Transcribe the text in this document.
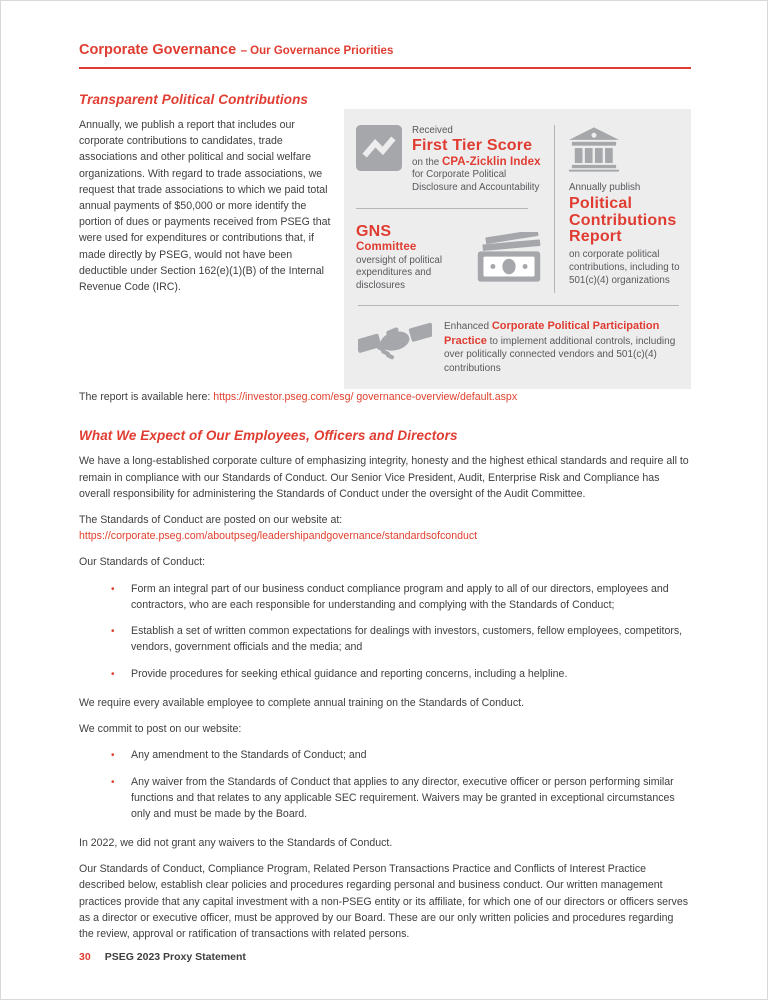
Corporate Governance – Our Governance Priorities
Transparent Political Contributions

Annually, we publish a report that includes our corporate contributions to candidates, trade associations and other political and social welfare organizations. With regard to trade associations, we request that trade associations to which we paid total annual payments of $50,000 or more identify the portion of dues or payments received from PSEG that were used for expenditures or contributions that, if made directly by PSEG, would not have been deductible under Section 162(e)(1)(B) of the Internal Revenue Code (IRC).

Received
First Tier Score
on the CPA-Zicklin Index
for Corporate Political Disclosure and Accountability
GNS
Committee
oversight of political expenditures and disclosures
Annually publish
Political Contributions Report
on corporate political contributions, including to 501(c)(4) organizations
Enhanced Corporate Political Participation Practice to implement additional controls, including over politically connected vendors and 501(c)(4) contributions

The report is available here: https://investor.pseg.com/esg/ governance-overview/default.aspx

What We Expect of Our Employees, Officers and Directors

We have a long-established corporate culture of emphasizing integrity, honesty and the highest ethical standards and require all to remain in compliance with our Standards of Conduct. Our Senior Vice President, Audit, Enterprise Risk and Compliance has overall responsibility for administering the Standards of Conduct under the oversight of the Audit Committee.

The Standards of Conduct are posted on our website at:

https://corporate.pseg.com/aboutpseg/leadershipandgovernance/standardsofconduct

Our Standards of Conduct:

• Form an integral part of our business conduct compliance program and apply to all of our directors, employees and contractors, who are each responsible for understanding and complying with the Standards of Conduct;
• Establish a set of written common expectations for dealings with investors, customers, fellow employees, competitors, vendors, government officials and the media; and
• Provide procedures for seeking ethical guidance and reporting concerns, including a helpline.

We require every available employee to complete annual training on the Standards of Conduct.

We commit to post on our website:

• Any amendment to the Standards of Conduct; and
• Any waiver from the Standards of Conduct that applies to any director, executive officer or person performing similar functions and that relates to any applicable SEC requirement. Waivers may be granted in exceptional circumstances only and must be made by the Board.

In 2022, we did not grant any waivers to the Standards of Conduct.

Our Standards of Conduct, Compliance Program, Related Person Transactions Practice and Conflicts of Interest Practice described below, establish clear policies and procedures regarding personal and business conduct. Our written management practices provide that any capital investment with a non-PSEG entity or its affiliate, for which one of our directors or officers serves as a director or executive officer, must be approved by our Board. These are our only written policies and procedures regarding the review, approval or ratification of transactions with related persons.

30 PSEG 2023 Proxy Statement
